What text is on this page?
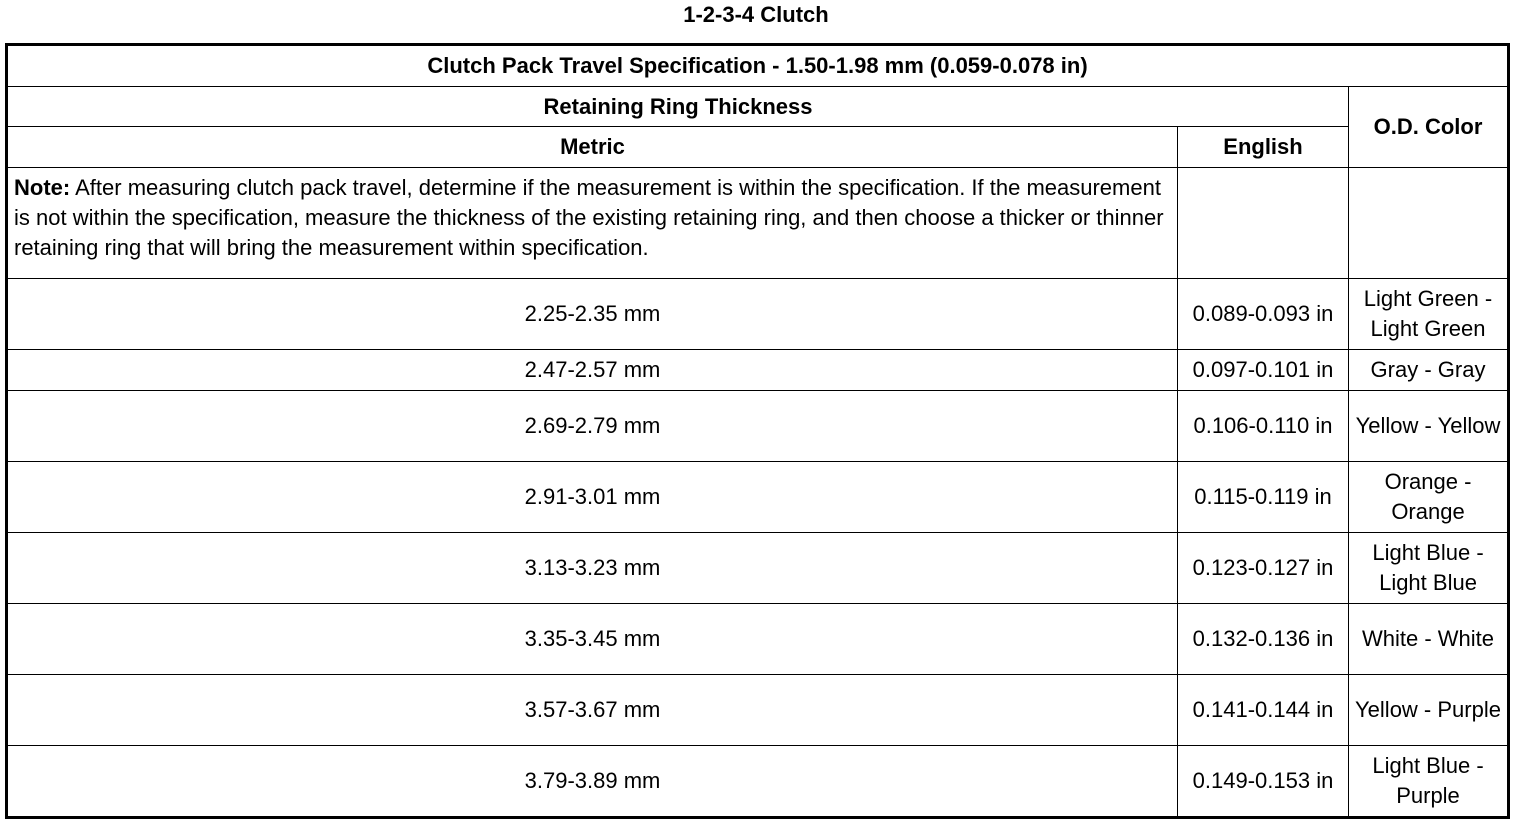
1-2-3-4 Clutch
Clutch Pack Travel Specification - 1.50-1.98 mm (0.059-0.078 in)		
Retaining Ring Thickness		O.D. Color
Metric	English	
Note: After measuring clutch pack travel, determine if the measurement is within the specification. If the measurement is not within the specification, measure the thickness of the existing retaining ring, and then choose a thicker or thinner retaining ring that will bring the measurement within specification.		
2.25-2.35 mm	0.089-0.093 in	Light Green - Light Green
2.47-2.57 mm	0.097-0.101 in	Gray - Gray
2.69-2.79 mm	0.106-0.110 in	Yellow - Yellow
2.91-3.01 mm	0.115-0.119 in	Orange - Orange
3.13-3.23 mm	0.123-0.127 in	Light Blue - Light Blue
3.35-3.45 mm	0.132-0.136 in	White - White
3.57-3.67 mm	0.141-0.144 in	Yellow - Purple
3.79-3.89 mm	0.149-0.153 in	Light Blue - Purple
